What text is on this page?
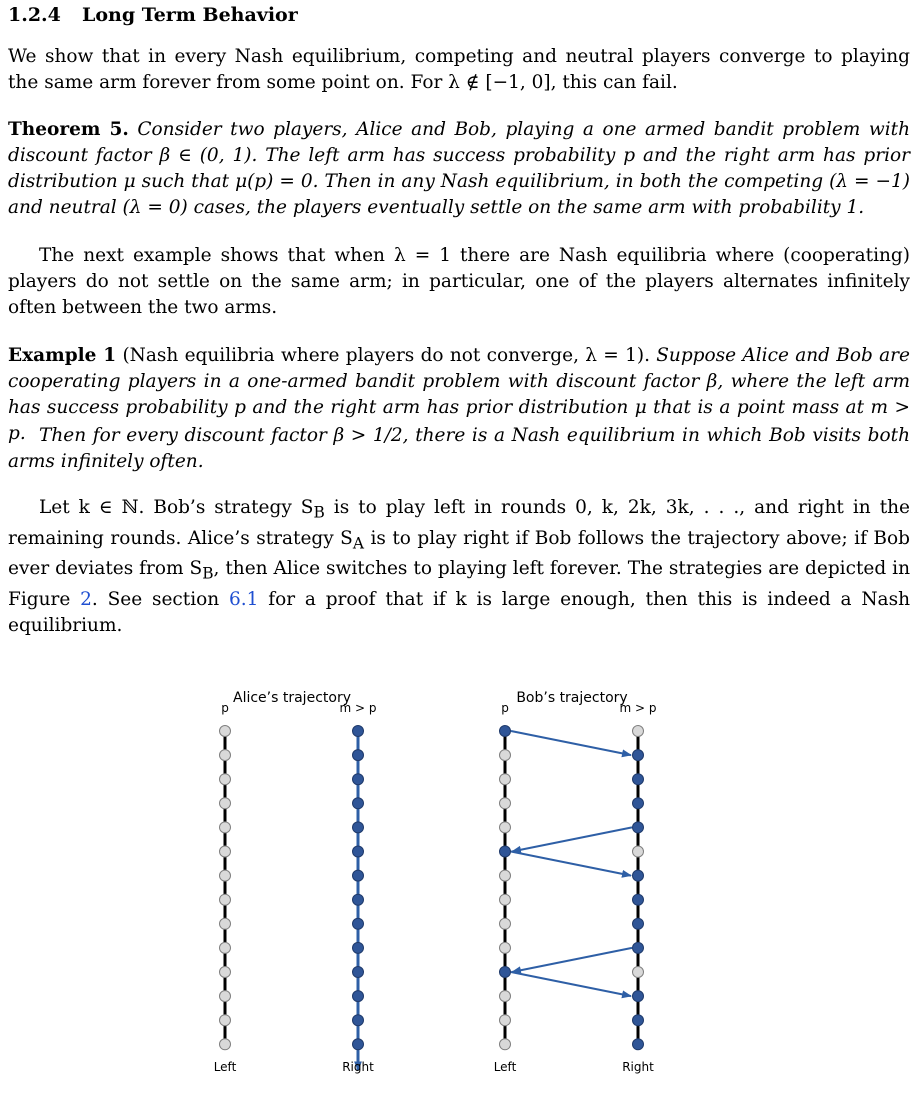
1.2.4 Long Term Behavior
We show that in every Nash equilibrium, competing and neutral players converge to playing the same arm forever from some point on. For λ ∉ [−1, 0], this can fail.
Theorem 5. Consider two players, Alice and Bob, playing a one armed bandit problem with discount factor β ∈ (0, 1). The left arm has success probability p and the right arm has prior distribution μ such that μ(p) = 0. Then in any Nash equilibrium, in both the competing (λ = −1) and neutral (λ = 0) cases, the players eventually settle on the same arm with probability 1.
The next example shows that when λ = 1 there are Nash equilibria where (cooperating) players do not settle on the same arm; in particular, one of the players alternates infinitely often between the two arms.
Example 1 (Nash equilibria where players do not converge, λ = 1). Suppose Alice and Bob are cooperating players in a one-armed bandit problem with discount factor β, where the left arm has success probability p and the right arm has prior distribution μ that is a point mass at m > p. Then for every discount factor β > 1/2, there is a Nash equilibrium in which Bob visits both arms infinitely often.
Let k ∈ ℕ. Bob’s strategy $S_B$ is to play left in rounds 0, k, 2k, 3k, . . ., and right in the remaining rounds. Alice’s strategy $S_A$ is to play right if Bob follows the trajectory above; if Bob ever deviates from $S_B$, then Alice switches to playing left forever. The strategies are depicted in Figure 2. See section 6.1 for a proof that if k is large enough, then this is indeed a Nash equilibrium.
Alice’s trajectory	Bob’s trajectory
p	m > p	p	m > p
Left	Right	Left	Right
